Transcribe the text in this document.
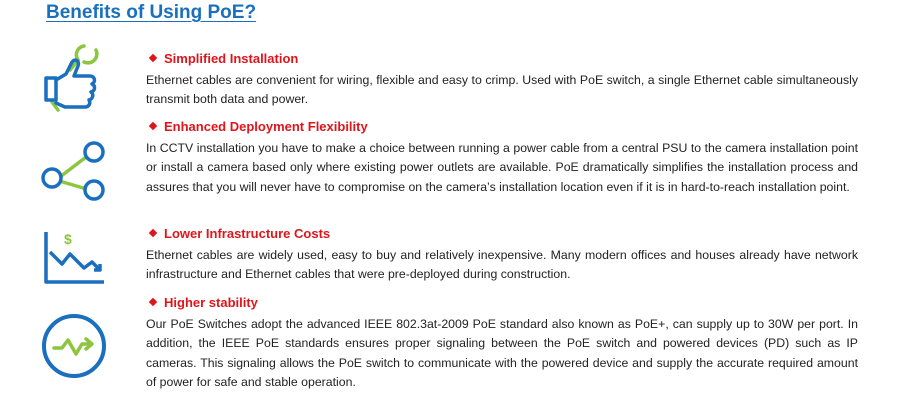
Benefits of Using PoE?
$
Simplified Installation

Ethernet cables are convenient for wiring, flexible and easy to crimp. Used with PoE switch, a single Ethernet cable simultaneously transmit both data and power.

Enhanced Deployment Flexibility

In CCTV installation you have to make a choice between running a power cable from a central PSU to the camera installation point or install a camera based only where existing power outlets are available. PoE dramatically simplifies the installation process and assures that you will never have to compromise on the camera’s installation location even if it is in hard-to-reach installation point.

Lower Infrastructure Costs

Ethernet cables are widely used, easy to buy and relatively inexpensive. Many modern offices and houses already have network infrastructure and Ethernet cables that were pre-deployed during construction.

Higher stability

Our PoE Switches adopt the advanced IEEE 802.3at-2009 PoE standard also known as PoE+, can supply up to 30W per port. In addition, the IEEE PoE standards ensures proper signaling between the PoE switch and powered devices (PD) such as IP cameras. This signaling allows the PoE switch to communicate with the powered device and supply the accurate required amount of power for safe and stable operation.
